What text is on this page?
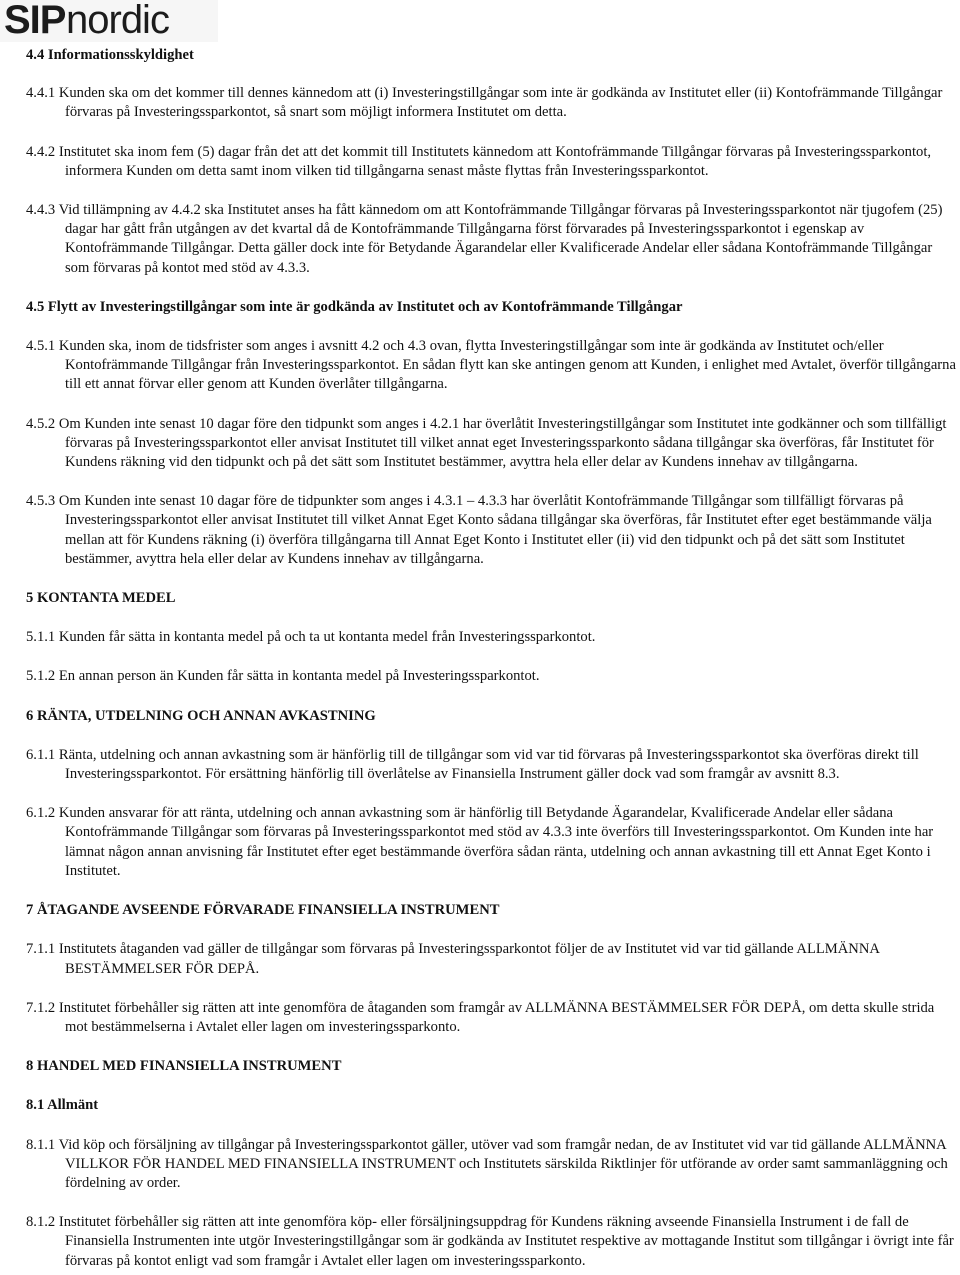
SIP nordic

4.4 Informationsskyldighet

4.4.1 Kunden ska om det kommer till dennes kännedom att (i) Investeringstillgångar som inte är godkända av Institutet eller (ii) Kontofrämmande Tillgångar förvaras på Investeringssparkontot, så snart som möjligt informera Institutet om detta.

4.4.2 Institutet ska inom fem (5) dagar från det att det kommit till Institutets kännedom att Kontofrämmande Tillgångar förvaras på Investeringssparkontot, informera Kunden om detta samt inom vilken tid tillgångarna senast måste flyttas från Investeringssparkontot.

4.4.3 Vid tillämpning av 4.4.2 ska Institutet anses ha fått kännedom om att Kontofrämmande Tillgångar förvaras på Investeringssparkontot när tjugofem (25) dagar har gått från utgången av det kvartal då de Kontofrämmande Tillgångarna först förvarades på Investeringssparkontot i egenskap av Kontofrämmande Tillgångar. Detta gäller dock inte för Betydande Ägarandelar eller Kvalificerade Andelar eller sådana Kontofrämmande Tillgångar som förvaras på kontot med stöd av 4.3.3.

4.5 Flytt av Investeringstillgångar som inte är godkända av Institutet och av Kontofrämmande Tillgångar

4.5.1 Kunden ska, inom de tidsfrister som anges i avsnitt 4.2 och 4.3 ovan, flytta Investeringstillgångar som inte är godkända av Institutet och/eller Kontofrämmande Tillgångar från Investeringssparkontot. En sådan flytt kan ske antingen genom att Kunden, i enlighet med Avtalet, överför tillgångarna till ett annat förvar eller genom att Kunden överlåter tillgångarna.

4.5.2 Om Kunden inte senast 10 dagar före den tidpunkt som anges i 4.2.1 har överlåtit Investeringstillgångar som Institutet inte godkänner och som tillfälligt förvaras på Investeringssparkontot eller anvisat Institutet till vilket annat eget Investeringssparkonto sådana tillgångar ska överföras, får Institutet för Kundens räkning vid den tidpunkt och på det sätt som Institutet bestämmer, avyttra hela eller delar av Kundens innehav av tillgångarna.

4.5.3 Om Kunden inte senast 10 dagar före de tidpunkter som anges i 4.3.1 – 4.3.3 har överlåtit Kontofrämmande Tillgångar som tillfälligt förvaras på Investeringssparkontot eller anvisat Institutet till vilket Annat Eget Konto sådana tillgångar ska överföras, får Institutet efter eget bestämmande välja mellan att för Kundens räkning (i) överföra tillgångarna till Annat Eget Konto i Institutet eller (ii) vid den tidpunkt och på det sätt som Institutet bestämmer, avyttra hela eller delar av Kundens innehav av tillgångarna.

5 KONTANTA MEDEL

5.1.1 Kunden får sätta in kontanta medel på och ta ut kontanta medel från Investeringssparkontot.

5.1.2 En annan person än Kunden får sätta in kontanta medel på Investeringssparkontot.

6 RÄNTA, UTDELNING OCH ANNAN AVKASTNING

6.1.1 Ränta, utdelning och annan avkastning som är hänförlig till de tillgångar som vid var tid förvaras på Investeringssparkontot ska överföras direkt till Investeringssparkontot. För ersättning hänförlig till överlåtelse av Finansiella Instrument gäller dock vad som framgår av avsnitt 8.3.

6.1.2 Kunden ansvarar för att ränta, utdelning och annan avkastning som är hänförlig till Betydande Ägarandelar, Kvalificerade Andelar eller sådana Kontofrämmande Tillgångar som förvaras på Investeringssparkontot med stöd av 4.3.3 inte överförs till Investeringssparkontot. Om Kunden inte har lämnat någon annan anvisning får Institutet efter eget bestämmande överföra sådan ränta, utdelning och annan avkastning till ett Annat Eget Konto i Institutet.

7 ÅTAGANDE AVSEENDE FÖRVARADE FINANSIELLA INSTRUMENT

7.1.1 Institutets åtaganden vad gäller de tillgångar som förvaras på Investeringssparkontot följer de av Institutet vid var tid gällande ALLMÄNNA BESTÄMMELSER FÖR DEPÅ.

7.1.2 Institutet förbehåller sig rätten att inte genomföra de åtaganden som framgår av ALLMÄNNA BESTÄMMELSER FÖR DEPÅ, om detta skulle strida mot bestämmelserna i Avtalet eller lagen om investeringssparkonto.

8 HANDEL MED FINANSIELLA INSTRUMENT

8.1 Allmänt

8.1.1 Vid köp och försäljning av tillgångar på Investeringssparkontot gäller, utöver vad som framgår nedan, de av Institutet vid var tid gällande ALLMÄNNA VILLKOR FÖR HANDEL MED FINANSIELLA INSTRUMENT och Institutets särskilda Riktlinjer för utförande av order samt sammanläggning och fördelning av order.

8.1.2 Institutet förbehåller sig rätten att inte genomföra köp- eller försäljningsuppdrag för Kundens räkning avseende Finansiella Instrument i de fall de Finansiella Instrumenten inte utgör Investeringstillgångar som är godkända av Institutet respektive av mottagande Institut som tillgångar i övrigt inte får förvaras på kontot enligt vad som framgår i Avtalet eller lagen om investeringssparkonto.
